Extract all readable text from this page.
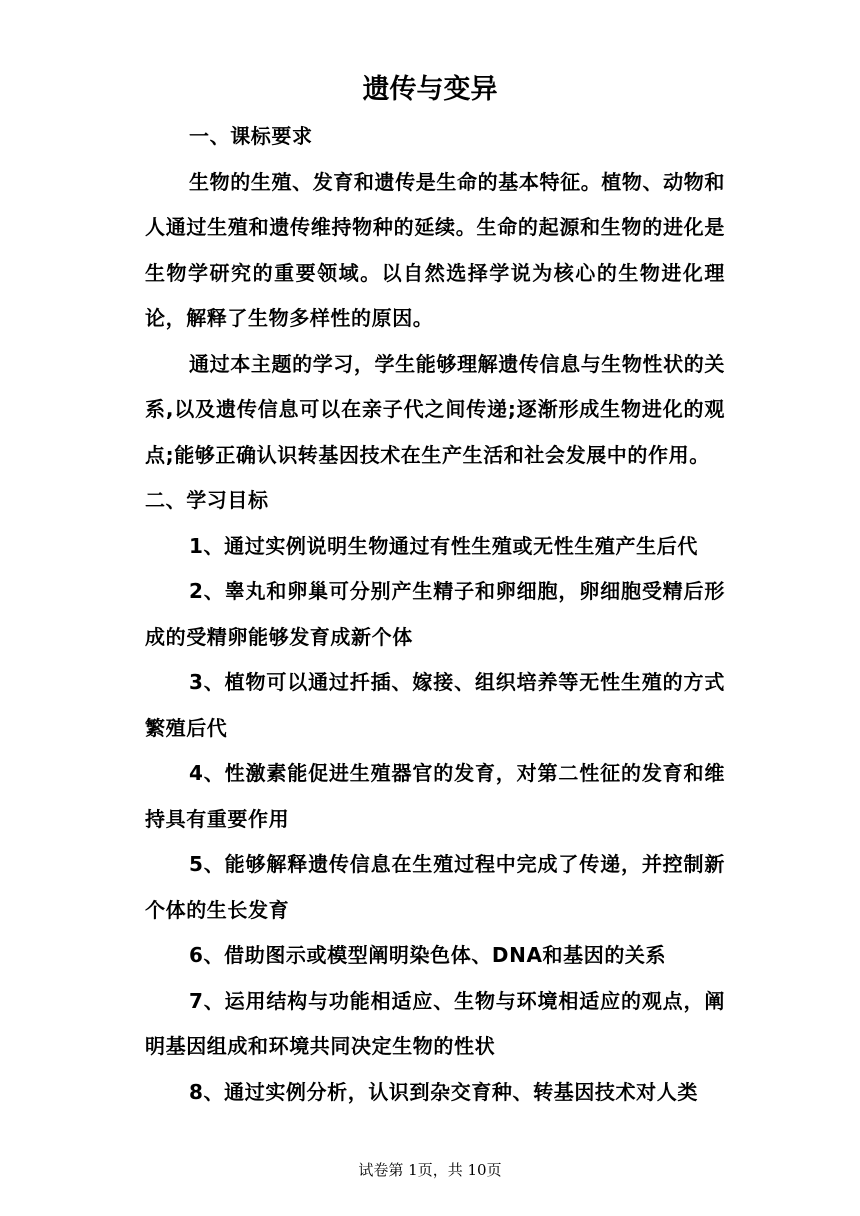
遗传与变异

一、课标要求

生物的生殖、发育和遗传是生命的基本特征。植物、动物和人通过生殖和遗传维持物种的延续。生命的起源和生物的进化是生物学研究的重要领域。以自然选择学说为核心的生物进化理论，解释了生物多样性的原因。

通过本主题的学习，学生能够理解遗传信息与生物性状的关系,以及遗传信息可以在亲子代之间传递;逐渐形成生物进化的观点;能够正确认识转基因技术在生产生活和社会发展中的作用。

二、学习目标

1、通过实例说明生物通过有性生殖或无性生殖产生后代

2、睾丸和卵巢可分别产生精子和卵细胞，卵细胞受精后形成的受精卵能够发育成新个体

3、植物可以通过扦插、嫁接、组织培养等无性生殖的方式繁殖后代

4、性激素能促进生殖器官的发育，对第二性征的发育和维持具有重要作用

5、能够解释遗传信息在生殖过程中完成了传递，并控制新个体的生长发育

6、借助图示或模型阐明染色体、DNA和基因的关系

7、运用结构与功能相适应、生物与环境相适应的观点，阐明基因组成和环境共同决定生物的性状

8、通过实例分析，认识到杂交育种、转基因技术对人类

试卷第 1页，共 10页
